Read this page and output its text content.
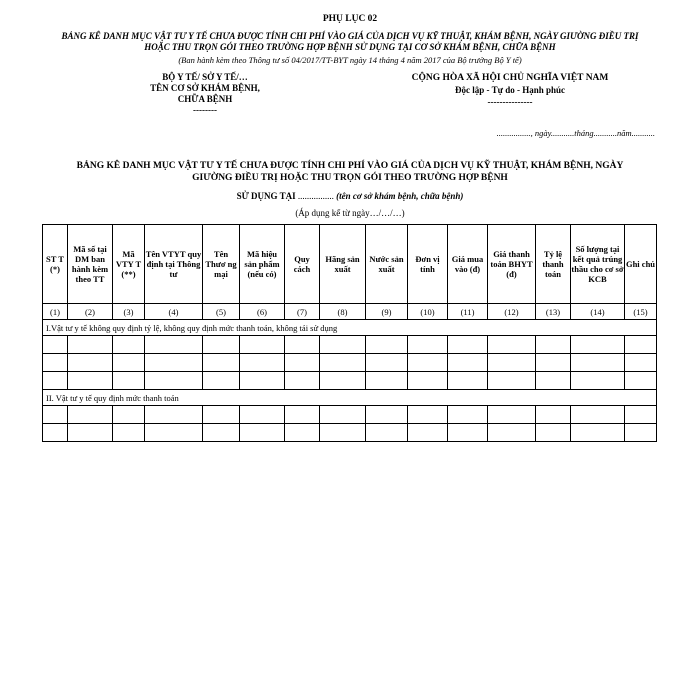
PHỤ LỤC 02
BẢNG KÊ DANH MỤC VẬT TƯ Y TẾ CHƯA ĐƯỢC TÍNH CHI PHÍ VÀO GIÁ CỦA DỊCH VỤ KỸ THUẬT, KHÁM BỆNH, NGÀY GIƯỜNG ĐIỀU TRỊ
HOẶC THU TRỌN GÓI THEO TRƯỜNG HỢP BỆNH SỬ DỤNG TẠI CƠ SỞ KHÁM BỆNH, CHỮA BỆNH
(Ban hành kèm theo Thông tư số 04/2017/TT-BYT ngày 14 tháng 4 năm 2017 của Bộ trưởng Bộ Y tế)
BỘ Y TẾ/ SỞ Y TẾ/…
TÊN CƠ SỞ KHÁM BỆNH,
CHỮA BỆNH
--------
CỘNG HÒA XÃ HỘI CHỦ NGHĨA VIỆT NAM
Độc lập - Tự do - Hạnh phúc
---------------
................, ngày...........tháng...........năm...........
BẢNG KÊ DANH MỤC VẬT TƯ Y TẾ CHƯA ĐƯỢC TÍNH CHI PHÍ VÀO GIÁ CỦA DỊCH VỤ KỸ THUẬT, KHÁM BỆNH, NGÀY
GIƯỜNG ĐIỀU TRỊ HOẶC THU TRỌN GÓI THEO TRƯỜNG HỢP BỆNH
SỬ DỤNG TẠI ................ (tên cơ sở khám bệnh, chữa bệnh)
(Áp dụng kể từ ngày…/…/…)
ST T (*)	Mã số tại DM ban hành kèm theo TT	Mã VTY T (**)	Tên VTYT quy định tại Thông tư	Tên Thươ ng mại	Mã hiệu sản phẩm (nếu có)	Quy cách	Hãng sản xuất	Nước sản xuất	Đơn vị tính	Giá mua vào (đ)	Giá thanh toán BHYT (đ)	Tỷ lệ thanh toán	Số lượng tại kết quả trúng thầu cho cơ sở KCB	Ghi chú
(1)	(2)	(3)	(4)	(5)	(6)	(7)	(8)	(9)	(10)	(11)	(12)	(13)	(14)	(15)
I.Vật tư y tế không quy định tỷ lệ, không quy định mức thanh toán, không tái sử dụng														

II. Vật tư y tế quy định mức thanh toán														
